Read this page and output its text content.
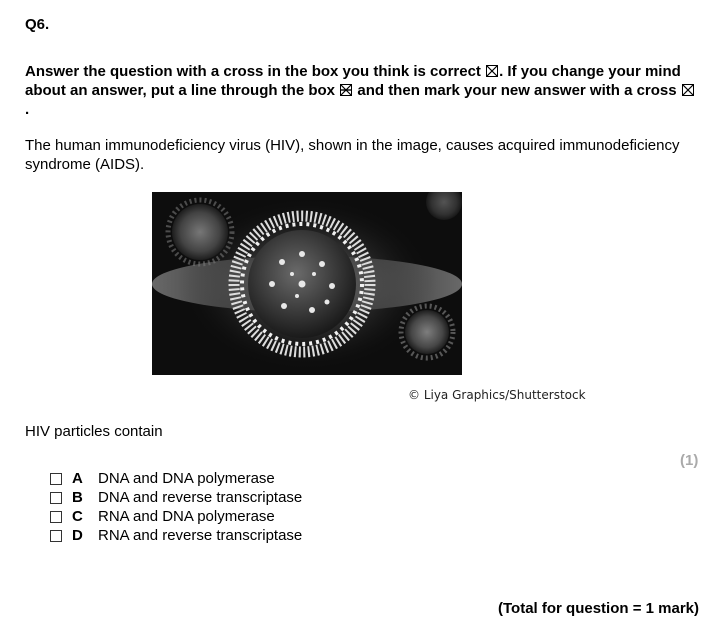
Q6.
Answer the question with a cross in the box you think is correct ☒. If you change your mind about an answer, put a line through the box  and then mark your new answer with a cross .
The human immunodeficiency virus (HIV), shown in the image, causes acquired immunodeficiency syndrome (AIDS).
© Liya Graphics/Shutterstock
HIV particles contain
(1)
A	DNA and DNA polymerase
B	DNA and reverse transcriptase
C	RNA and DNA polymerase
D	RNA and reverse transcriptase
(Total for question = 1 mark)
